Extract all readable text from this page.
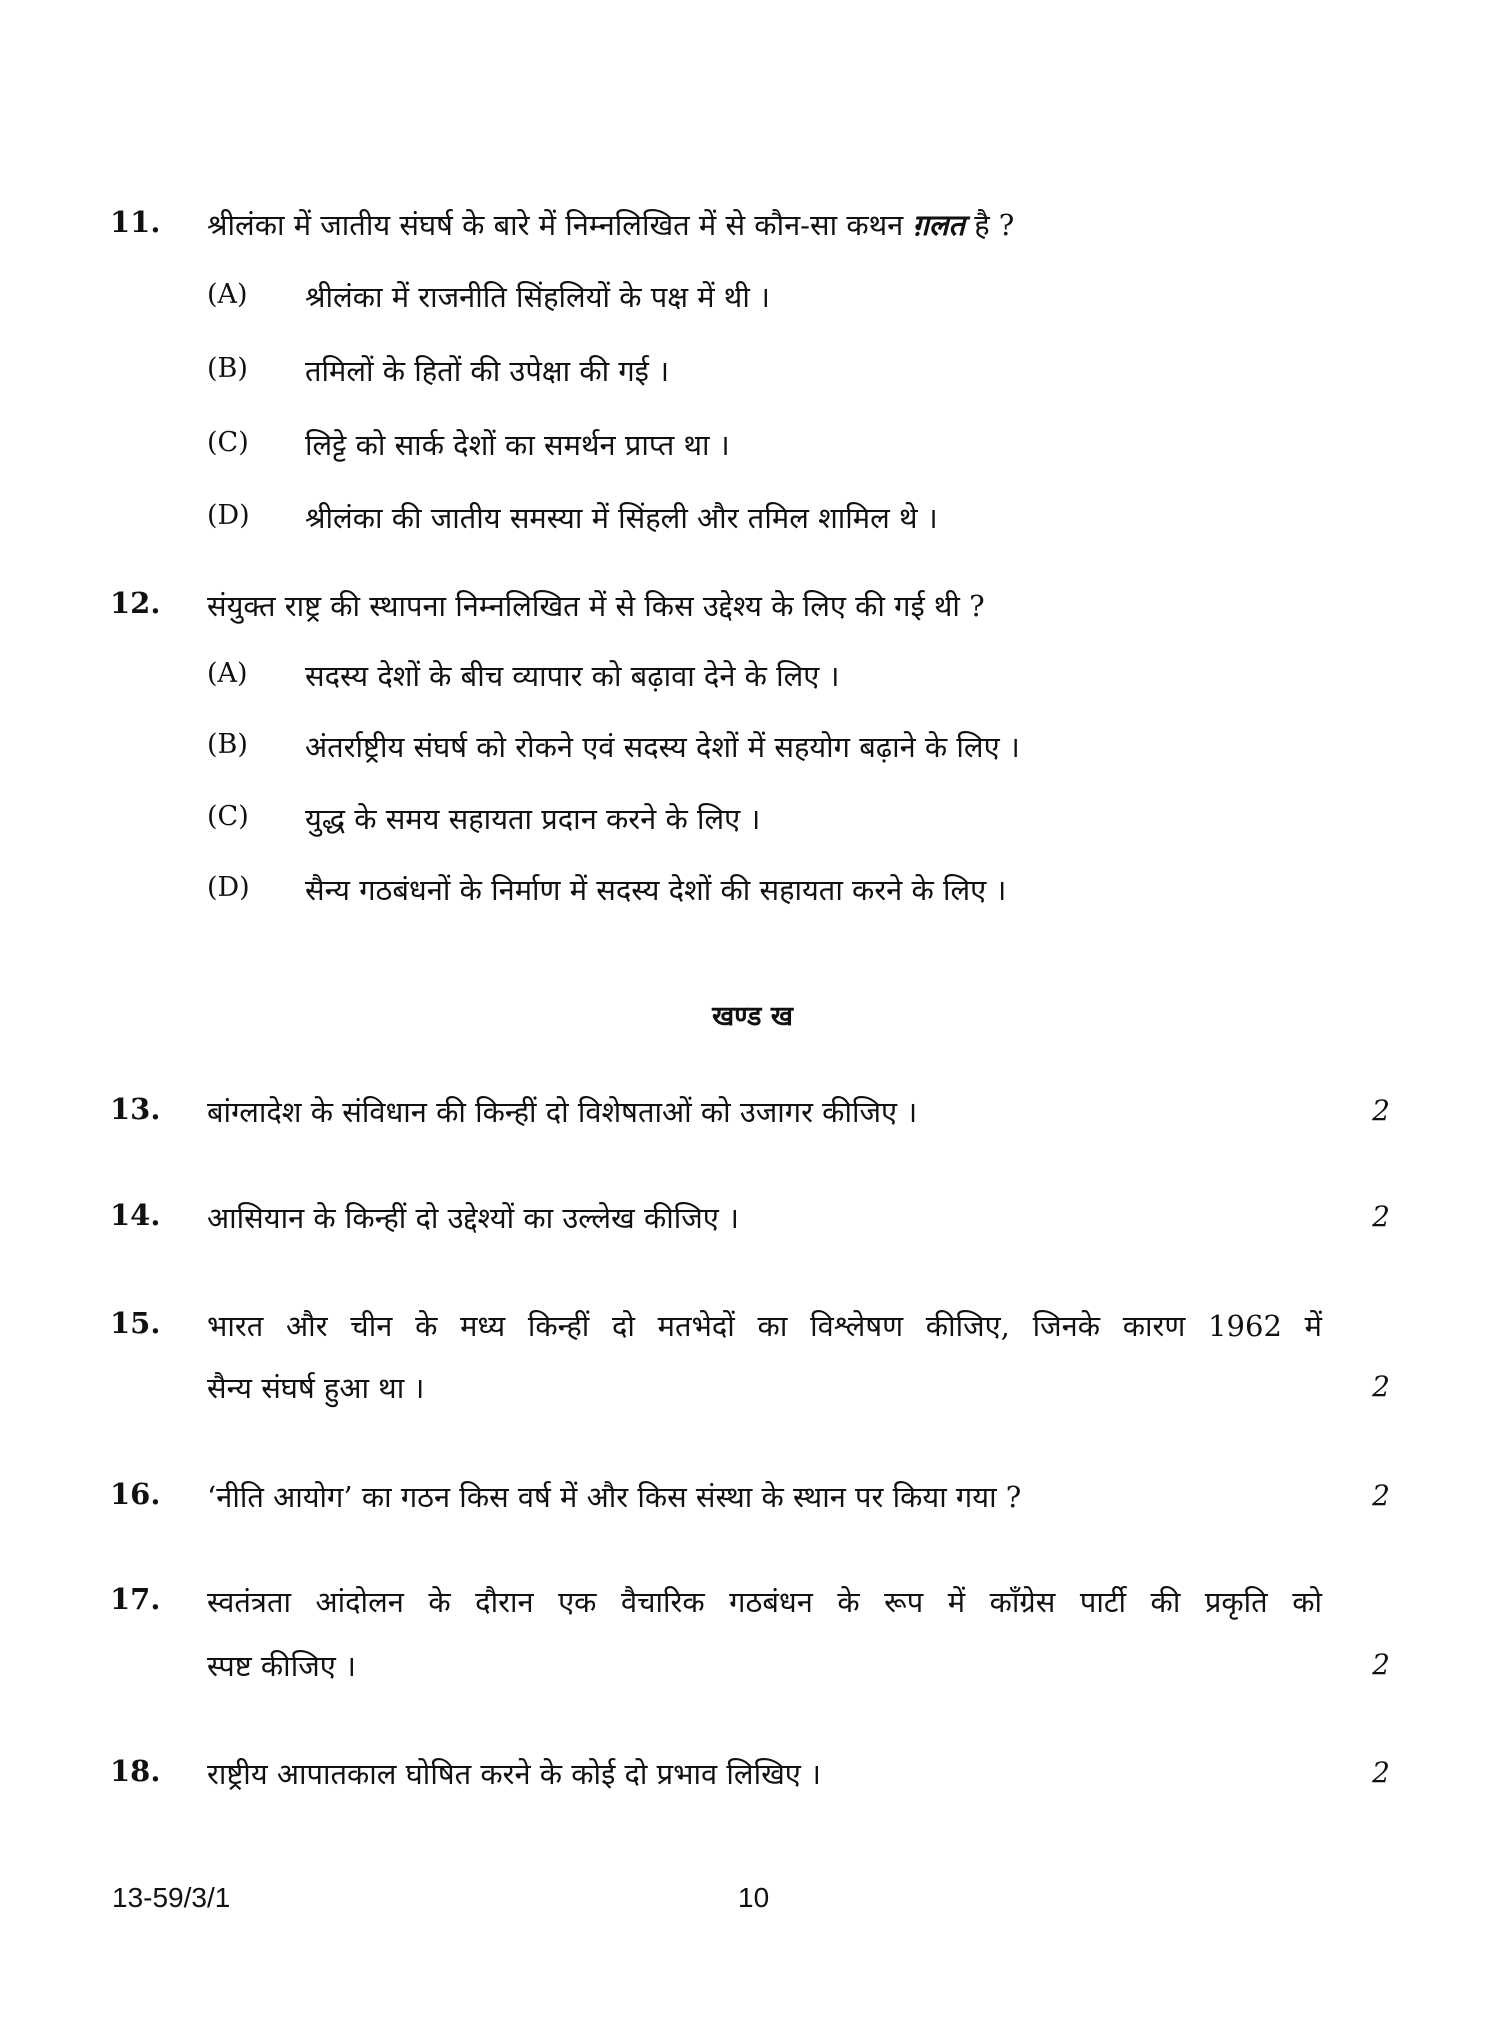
11. श्रीलंका में जातीय संघर्ष के बारे में निम्नलिखित में से कौन-सा कथन ग़लत है ?
(A) श्रीलंका में राजनीति सिंहलियों के पक्ष में थी ।
(B) तमिलों के हितों की उपेक्षा की गई ।
(C) लिट्टे को सार्क देशों का समर्थन प्राप्त था ।
(D) श्रीलंका की जातीय समस्या में सिंहली और तमिल शामिल थे ।
12. संयुक्त राष्ट्र की स्थापना निम्नलिखित में से किस उद्देश्य के लिए की गई थी ?
(A) सदस्य देशों के बीच व्यापार को बढ़ावा देने के लिए ।
(B) अंतर्राष्ट्रीय संघर्ष को रोकने एवं सदस्य देशों में सहयोग बढ़ाने के लिए ।
(C) युद्ध के समय सहायता प्रदान करने के लिए ।
(D) सैन्य गठबंधनों के निर्माण में सदस्य देशों की सहायता करने के लिए ।
खण्ड ख
13. बांग्लादेश के संविधान की किन्हीं दो विशेषताओं को उजागर कीजिए ।	2
14. आसियान के किन्हीं दो उद्देश्यों का उल्लेख कीजिए ।	2
15. भारत और चीन के मध्य किन्हीं दो मतभेदों का विश्लेषण कीजिए, जिनके कारण 1962 में
सैन्य संघर्ष हुआ था ।	2
16. ‘नीति आयोग’ का गठन किस वर्ष में और किस संस्था के स्थान पर किया गया ?	2
17. स्वतंत्रता आंदोलन के दौरान एक वैचारिक गठबंधन के रूप में काँग्रेस पार्टी की प्रकृति को
स्पष्ट कीजिए ।	2
18. राष्ट्रीय आपातकाल घोषित करने के कोई दो प्रभाव लिखिए ।	2
13-59/3/1	10
